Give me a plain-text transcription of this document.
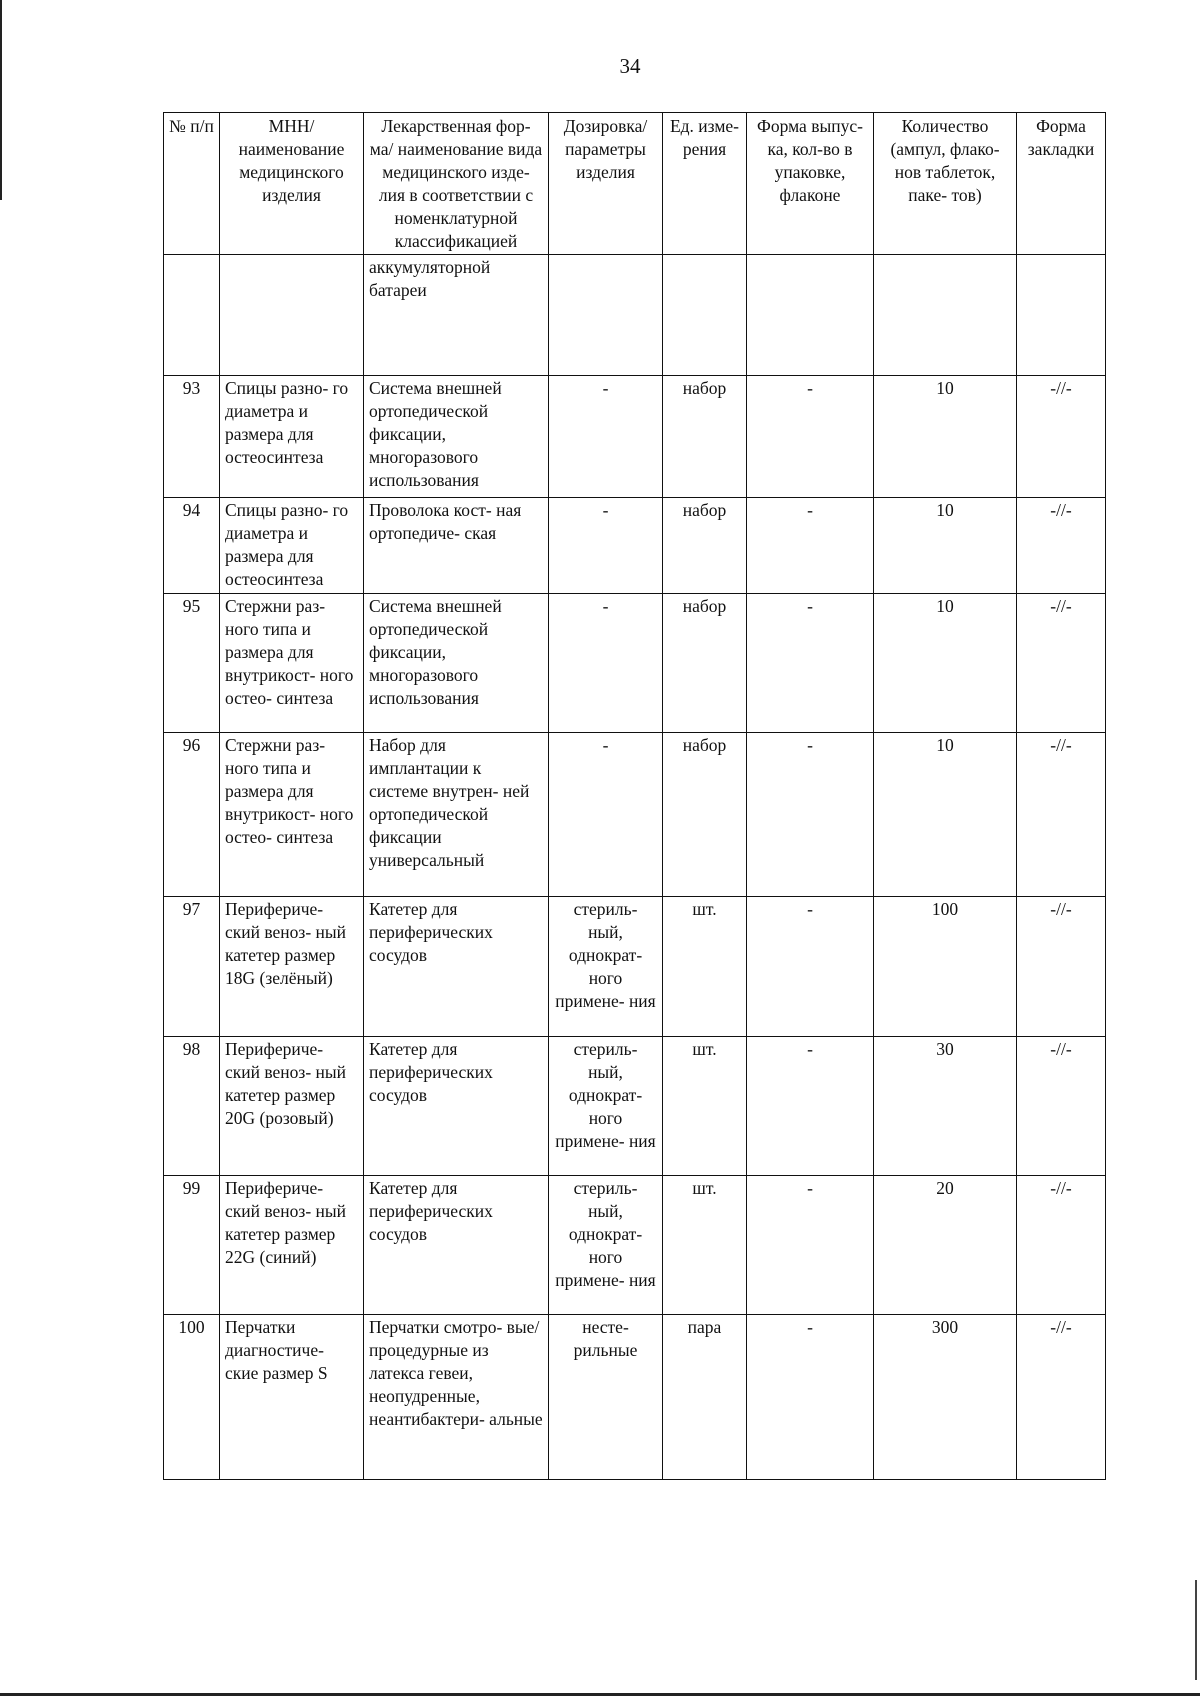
34
№ п/п	МНН/ наименование медицинского изделия	Лекарственная фор- ма/ наименование вида медицинского изде- лия в соответствии с номенклатурной классификацией	Дозировка/ параметры изделия	Ед. изме- рения	Форма выпус- ка, кол-во в упаковке, флаконе	Количество (ампул, флако- нов таблеток, паке- тов)	Форма закладки
		аккумуляторной батареи					
93	Спицы разно- го диаметра и размера для остеосинтеза	Система внешней ортопедической фиксации, многоразового использования	-	набор	-	10	-//-
94	Спицы разно- го диаметра и размера для остеосинтеза	Проволока кост- ная ортопедиче- ская	-	набор	-	10	-//-
95	Стержни раз- ного типа и размера для внутрикост- ного остео- синтеза	Система внешней ортопедической фиксации, многоразового использования	-	набор	-	10	-//-
96	Стержни раз- ного типа и размера для внутрикост- ного остео- синтеза	Набор для имплантации к системе внутрен- ней ортопедической фиксации универсальный	-	набор	-	10	-//-
97	Перифериче- ский веноз- ный катетер размер 18G (зелёный)	Катетер для периферических сосудов	стериль- ный, однократ- ного примене- ния	шт.	-	100	-//-
98	Перифериче- ский веноз- ный катетер размер 20G (розовый)	Катетер для периферических сосудов	стериль- ный, однократ- ного примене- ния	шт.	-	30	-//-
99	Перифериче- ский веноз- ный катетер размер 22G (синий)	Катетер для периферических сосудов	стериль- ный, однократ- ного примене- ния	шт.	-	20	-//-
100	Перчатки диагностиче- ские размер S	Перчатки смотро- вые/ процедурные из латекса гевеи, неопудренные, неантибактери- альные	несте- рильные	пара	-	300	-//-
